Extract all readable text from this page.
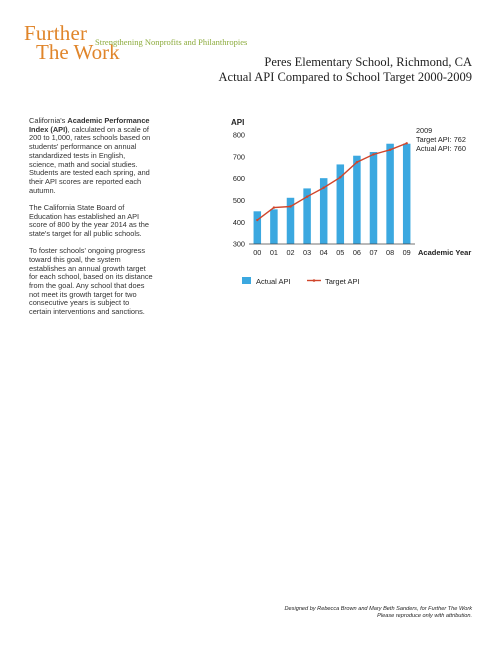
Further
The Work
Strengthening Nonprofits and Philanthropies
Peres Elementary School, Richmond, CA
Actual API Compared to School Target 2000-2009

California's Academic Performance Index (API), calculated on a scale of 200 to 1,000, rates schools based on students' performance on annual standardized tests in English, science, math and social studies. Students are tested each spring, and their API scores are reported each autumn.

The California State Board of Education has established an API score of 800 by the year 2014 as the state's target for all public schools.

To foster schools' ongoing progress toward this goal, the system establishes an annual growth target for each school, based on its distance from the goal. Any school that does not meet its growth target for two consecutive years is subject to certain interventions and sanctions.

API
300
400
500
600
700
800
00 01 02 03 04 05 06 07 08 09 Academic Year
2009
Target API: 762
Actual API: 760
Actual API	Target API
Designed by Rebecca Brown and Mary Beth Sanders, for Further The Work
Please reproduce only with attribution.
